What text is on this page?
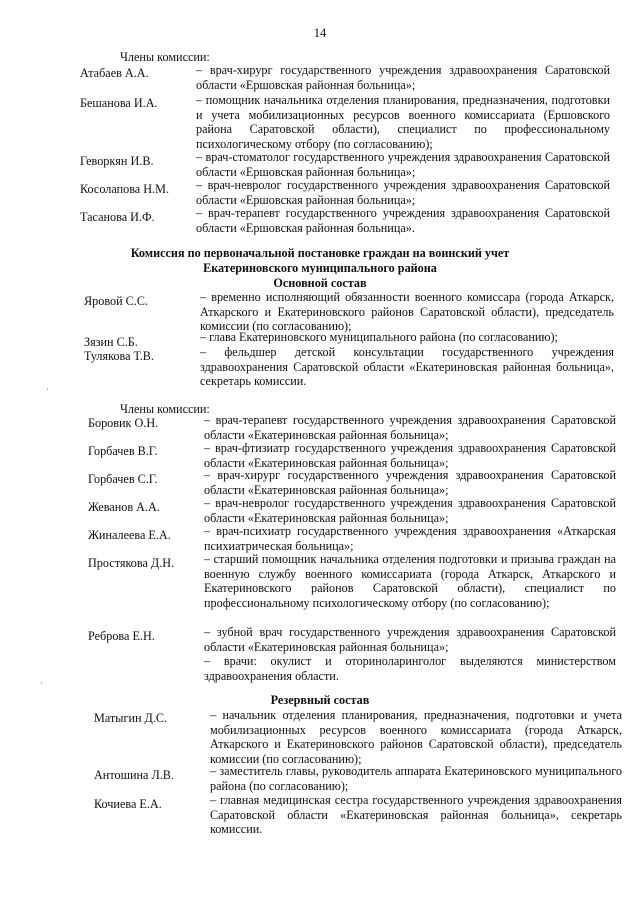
14
Члены комиссии:
Атабаев А.А.	– врач-хирург государственного учреждения здравоохранения Саратовской области «Ершовская районная больница»;
Бешанова И.А.	– помощник начальника отделения планирования, предназначения, подготовки и учета мобилизационных ресурсов военного комиссариата (Ершовского района Саратовской области), специалист по профессиональному психологическому отбору (по согласованию);
Геворкян И.В.	– врач-стоматолог государственного учреждения здравоохранения Саратовской области «Ершовская районная больница»;
Косолапова Н.М. – врач-невролог государственного учреждения здравоохранения Саратовской области «Ершовская районная больница»;
Тасанова И.Ф.	– врач-терапевт государственного учреждения здравоохранения Саратовской области «Ершовская районная больница».
Комиссия по первоначальной постановке граждан на воинский учет
Екатериновского муниципального района
Основной состав
Яровой С.С.	– временно исполняющий обязанности военного комиссара (города Аткарск, Аткарского и Екатериновского районов Саратовской области), председатель комиссии (по согласованию);
Зязин С.Б.	– глава Екатериновского муниципального района (по согласованию);
Тулякова Т.В.	– фельдшер детской консультации государственного учреждения здравоохранения Саратовской области «Екатериновская районная больница», секретарь комиссии.
·
Члены комиссии:
Боровик О.Н.	– врач-терапевт государственного учреждения здравоохранения Саратовской области «Екатериновская районная больница»;
Горбачев В.Г.	– врач-фтизиатр государственного учреждения здравоохранения Саратовской области «Екатериновская районная больница»;
Горбачев С.Г.	– врач-хирург государственного учреждения здравоохранения Саратовской области «Екатериновская районная больница»;
Жеванов А.А.	– врач-невролог государственного учреждения здравоохранения Саратовской области «Екатериновская районная больница»;
Жиналеева Е.А.	– врач-психиатр государственного учреждения здравоохранения «Аткарская психиатрическая больница»;
Простякова Д.Н. – старший помощник начальника отделения подготовки и призыва граждан на военную службу военного комиссариата (города Аткарск, Аткарского и Екатериновского районов Саратовской области), специалист по профессиональному психологическому отбору (по согласованию);
Реброва Е.Н.	– зубной врач государственного учреждения здравоохранения Саратовской области «Екатериновская районная больница»;
– врачи: окулист и оториноларинголог выделяются министерством здравоохранения области.
·
Резервный состав
Матыгин Д.С.	– начальник отделения планирования, предназначения, подготовки и учета мобилизационных ресурсов военного комиссариата (города Аткарск, Аткарского и Екатериновского районов Саратовской области), председатель комиссии (по согласованию);
Антошина Л.В.	– заместитель главы, руководитель аппарата Екатериновского муниципального района (по согласованию);
Кочиева Е.А.	– главная медицинская сестра государственного учреждения здравоохранения Саратовской области «Екатериновская районная больница», секретарь комиссии.
